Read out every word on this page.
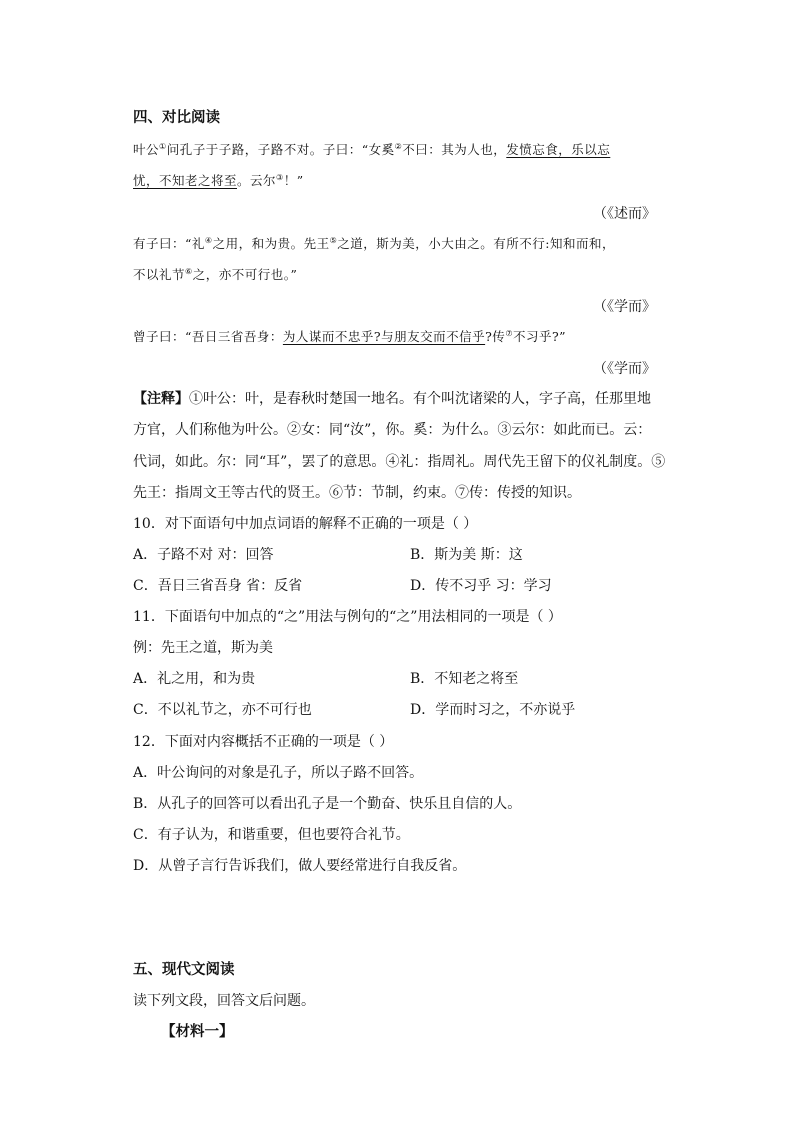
四、对比阅读
叶公①问孔子于子路，子路不对。子曰：“女奚②不曰：其为人也，发愤忘食，乐以忘
忧，不知老之将至。云尔③！”
（《述而》
有子曰：“礼④之用，和为贵。先王⑤之道，斯为美，小大由之。有所不行:知和而和，
不以礼节⑥之，亦不可行也。”
（《学而》
曾子曰：“吾日三省吾身：为人谋而不忠乎?与朋友交而不信乎?传⑦不习乎?”
（《学而》
【注释】①叶公：叶，是春秋时楚国一地名。有个叫沈诸梁的人，字子高，任那里地
方官，人们称他为叶公。②女：同“汝”，你。奚：为什么。③云尔：如此而已。云：
代词，如此。尔：同“耳”，罢了的意思。④礼：指周礼。周代先王留下的仪礼制度。⑤
先王：指周文王等古代的贤王。⑥节：节制，约束。⑦传：传授的知识。
10．对下面语句中加点词语的解释不正确的一项是（ ）
A．子路不对 对：回答	B．斯为美 斯：这
C．吾日三省吾身 省：反省	D．传不习乎 习：学习
11．下面语句中加点的“之”用法与例句的“之”用法相同的一项是（ ）
例：先王之道，斯为美
A．礼之用，和为贵	B．不知老之将至
C．不以礼节之，亦不可行也	D．学而时习之，不亦说乎
12．下面对内容概括不正确的一项是（ ）
A．叶公询问的对象是孔子，所以子路不回答。
B．从孔子的回答可以看出孔子是一个勤奋、快乐且自信的人。
C．有子认为，和谐重要，但也要符合礼节。
D．从曾子言行告诉我们，做人要经常进行自我反省。
五、现代文阅读
读下列文段，回答文后问题。
【材料一】
